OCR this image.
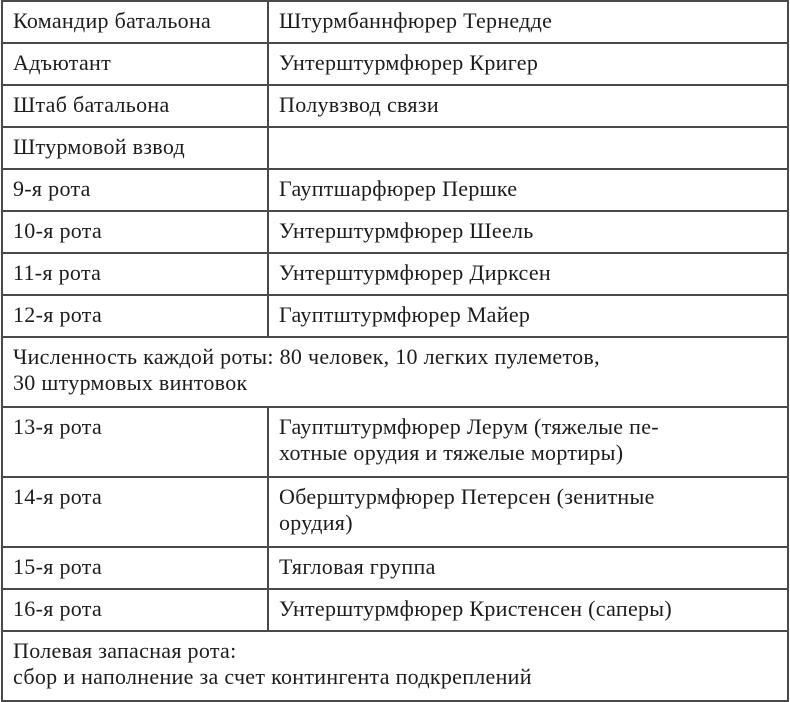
Командир батальона	Штурмбаннфюрер Тернедде
Адъютант	Унтерштурмфюрер Кригер
Штаб батальона	Полувзвод связи
Штурмовой взвод	
9-я рота	Гауптшарфюрер Першке
10-я рота	Унтерштурмфюрер Шеель
11-я рота	Унтерштурмфюрер Дирксен
12-я рота	Гауптштурмфюрер Майер

Численность каждой роты: 80 человек, 10 легких пулеметов,
30 штурмовых винтовок	

13-я рота	Гауптштурмфюрер Лерум (тяжелые пе-
хотные орудия и тяжелые мортиры)

14-я рота	Оберштурмфюрер Петерсен (зенитные
орудия)

15-я рота	Тягловая группа
16-я рота	Унтерштурмфюрер Кристенсен (саперы)

Полевая запасная рота:
сбор и наполнение за счет контингента подкреплений	
